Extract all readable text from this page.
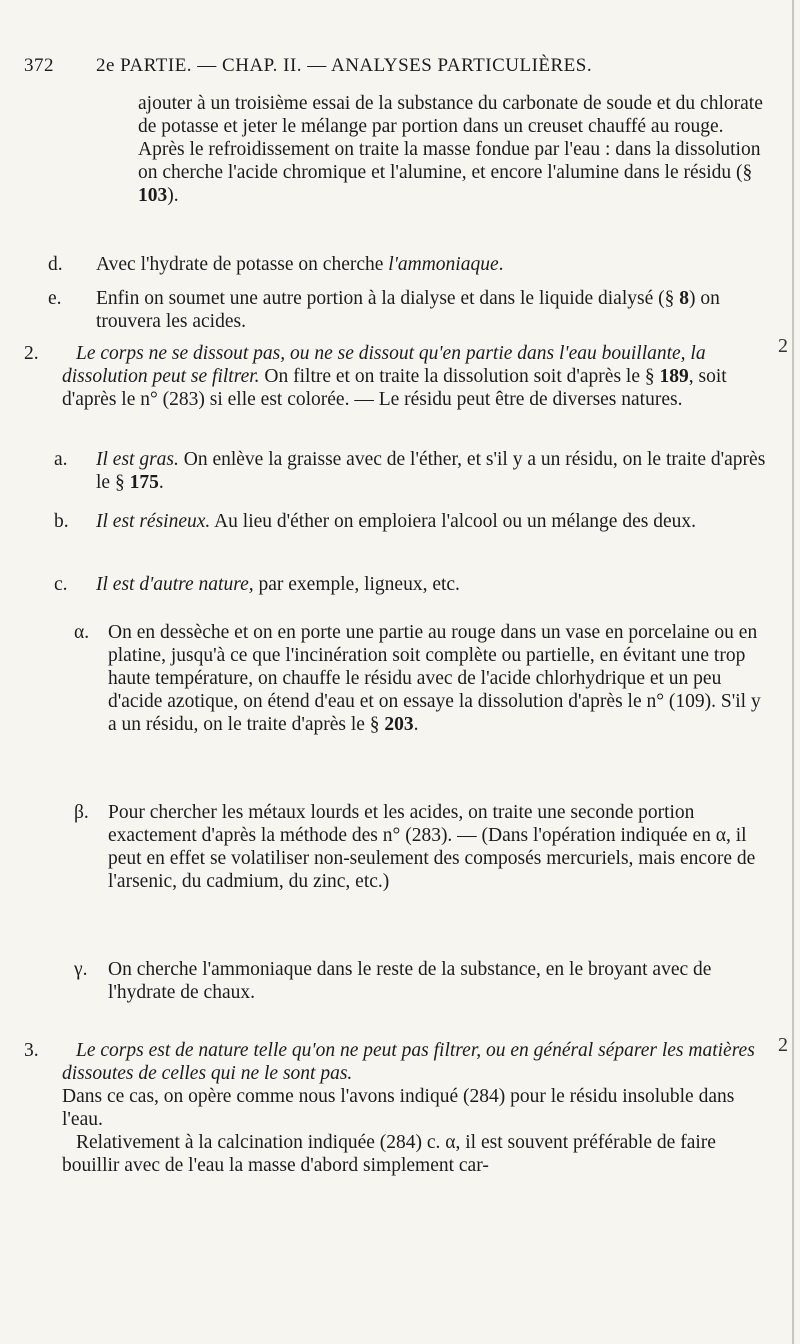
372 2e PARTIE. — CHAP. II. — ANALYSES PARTICULIÈRES.

ajouter à un troisième essai de la substance du carbonate de soude et du chlorate de potasse et jeter le mélange par portion dans un creuset chauffé au rouge. Après le refroidissement on traite la masse fondue par l'eau : dans la dissolution on cherche l'acide chromique et l'alumine, et encore l'alumine dans le résidu (§ 103).

d. Avec l'hydrate de potasse on cherche l'ammoniaque.

e. Enfin on soumet une autre portion à la dialyse et dans le liquide dialysé (§ 8) on trouvera les acides.

2.	Le corps ne se dissout pas, ou ne se dissout qu'en partie dans l'eau bouillante, la dissolution peut se filtrer. On filtre et on traite la dissolution soit d'après le § 189, soit d'après le n° (283) si elle est colorée. — Le résidu peut être de diverses natures.

2
a. Il est gras. On enlève la graisse avec de l'éther, et s'il y a un résidu, on le traite d'après le § 175.

b. Il est résineux. Au lieu d'éther on emploiera l'alcool ou un mélange des deux.

c. Il est d'autre nature, par exemple, ligneux, etc.

α. On en dessèche et on en porte une partie au rouge dans un vase en porcelaine ou en platine, jusqu'à ce que l'incinération soit complète ou partielle, en évitant une trop haute température, on chauffe le résidu avec de l'acide chlorhydrique et un peu d'acide azotique, on étend d'eau et on essaye la dissolution d'après le n° (109). S'il y a un résidu, on le traite d'après le § 203.

β. Pour chercher les métaux lourds et les acides, on traite une seconde portion exactement d'après la méthode des n° (283). — (Dans l'opération indiquée en α, il peut en effet se volatiliser non-seulement des composés mercuriels, mais encore de l'arsenic, du cadmium, du zinc, etc.)

γ. On cherche l'ammoniaque dans le reste de la substance, en le broyant avec de l'hydrate de chaux.

3.	Le corps est de nature telle qu'on ne peut pas filtrer, ou en général séparer les matières dissoutes de celles qui ne le sont pas.

Dans ce cas, on opère comme nous l'avons indiqué (284) pour le résidu insoluble dans l'eau.

Relativement à la calcination indiquée (284) c. α, il est souvent préférable de faire bouillir avec de l'eau la masse d'abord simplement car-

2
